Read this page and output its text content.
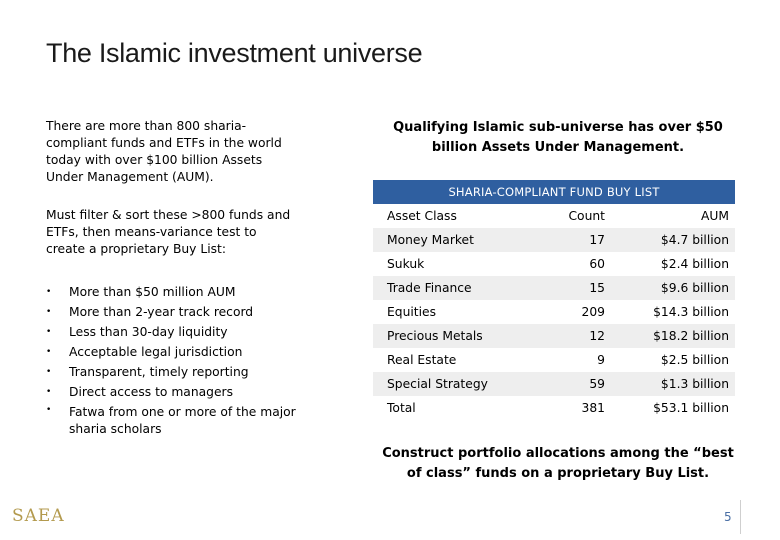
The Islamic investment universe
There are more than 800 sharia-compliant funds and ETFs in the world today with over $100 billion Assets Under Management (AUM).
Must filter & sort these >800 funds and ETFs, then means-variance test to create a proprietary Buy List:
• More than $50 million AUM
• More than 2-year track record
• Less than 30-day liquidity
• Acceptable legal jurisdiction
• Transparent, timely reporting
• Direct access to managers
• Fatwa from one or more of the major sharia scholars
Qualifying Islamic sub-universe has over $50 billion Assets Under Management.
SHARIA-COMPLIANT FUND BUY LIST
Asset Class	Count	AUM
Money Market	17	$4.7 billion
Sukuk	60	$2.4 billion
Trade Finance	15	$9.6 billion
Equities	209	$14.3 billion
Precious Metals	12	$18.2 billion
Real Estate	9	$2.5 billion
Special Strategy	59	$1.3 billion
Total	381	$53.1 billion
Construct portfolio allocations among the “best of class” funds on a proprietary Buy List.
SAEA	5
